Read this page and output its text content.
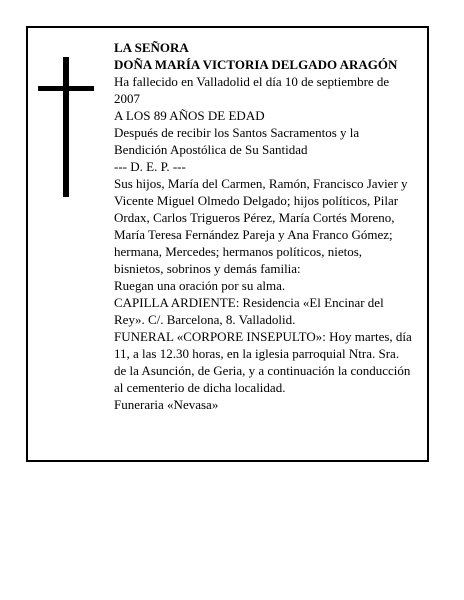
LA SEÑORA

DOÑA MARÍA VICTORIA DELGADO ARAGÓN

Ha fallecido en Valladolid el día 10 de septiembre de 2007

A LOS 89 AÑOS DE EDAD

Después de recibir los Santos Sacramentos y la Bendición Apostólica de Su Santidad

--- D. E. P. ---

Sus hijos, María del Carmen, Ramón, Francisco Javier y Vicente Miguel Olmedo Delgado; hijos políticos, Pilar Ordax, Carlos Trigueros Pérez, María Cortés Moreno, María Teresa Fernández Pareja y Ana Franco Gómez; hermana, Mercedes; hermanos políticos, nietos, bisnietos, sobrinos y demás familia:

Ruegan una oración por su alma.

CAPILLA ARDIENTE: Residencia «El Encinar del Rey». C/. Barcelona, 8. Valladolid.

FUNERAL «CORPORE INSEPULTO»: Hoy martes, día 11, a las 12.30 horas, en la iglesia parroquial Ntra. Sra. de la Asunción, de Geria, y a continuación la conducción al cementerio de dicha localidad.

Funeraria «Nevasa»
